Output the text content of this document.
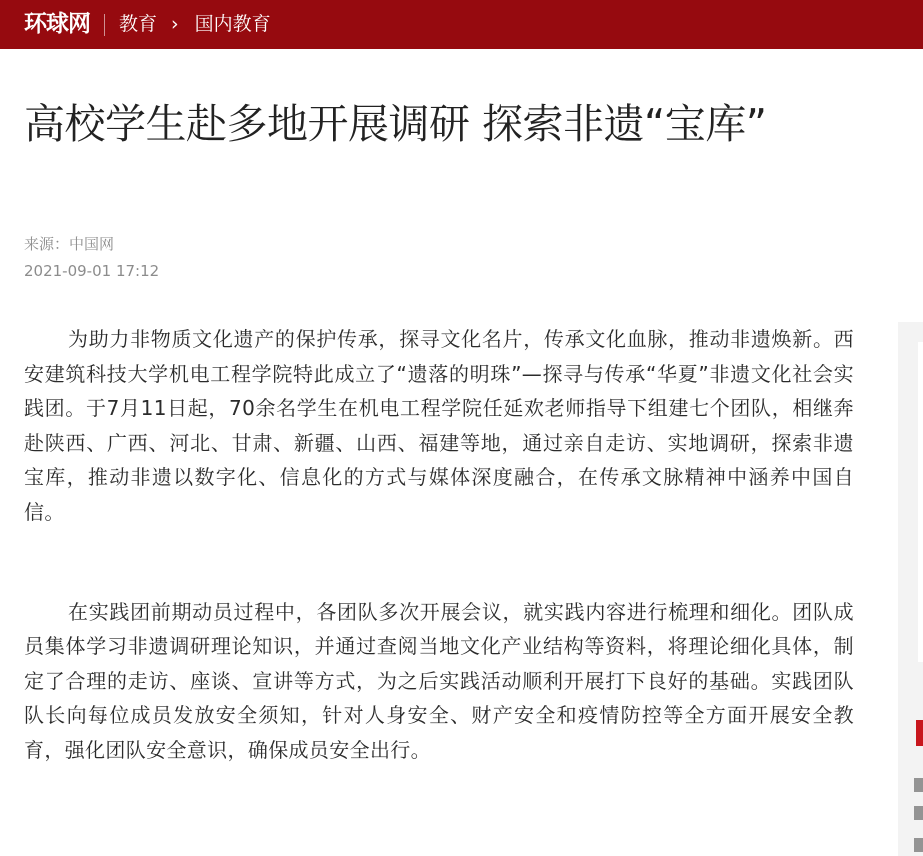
环球网 教育 › 国内教育
高校学生赴多地开展调研 探索非遗“宝库”
来源：中国网
2021-09-01 17:12

为助力非物质文化遗产的保护传承，探寻文化名片，传承文化血脉，推动非遗焕新。西安建筑科技大学机电工程学院特此成立了“遗落的明珠”—探寻与传承“华夏”非遗文化社会实践团。于7月11日起，70余名学生在机电工程学院任延欢老师指导下组建七个团队，相继奔赴陕西、广西、河北、甘肃、新疆、山西、福建等地，通过亲自走访、实地调研，探索非遗宝库，推动非遗以数字化、信息化的方式与媒体深度融合，在传承文脉精神中涵养中国自信。

在实践团前期动员过程中，各团队多次开展会议，就实践内容进行梳理和细化。团队成员集体学习非遗调研理论知识，并通过查阅当地文化产业结构等资料，将理论细化具体，制定了合理的走访、座谈、宣讲等方式，为之后实践活动顺利开展打下良好的基础。实践团队队长向每位成员发放安全须知，针对人身安全、财产安全和疫情防控等全方面开展安全教育，强化团队安全意识，确保成员安全出行。
